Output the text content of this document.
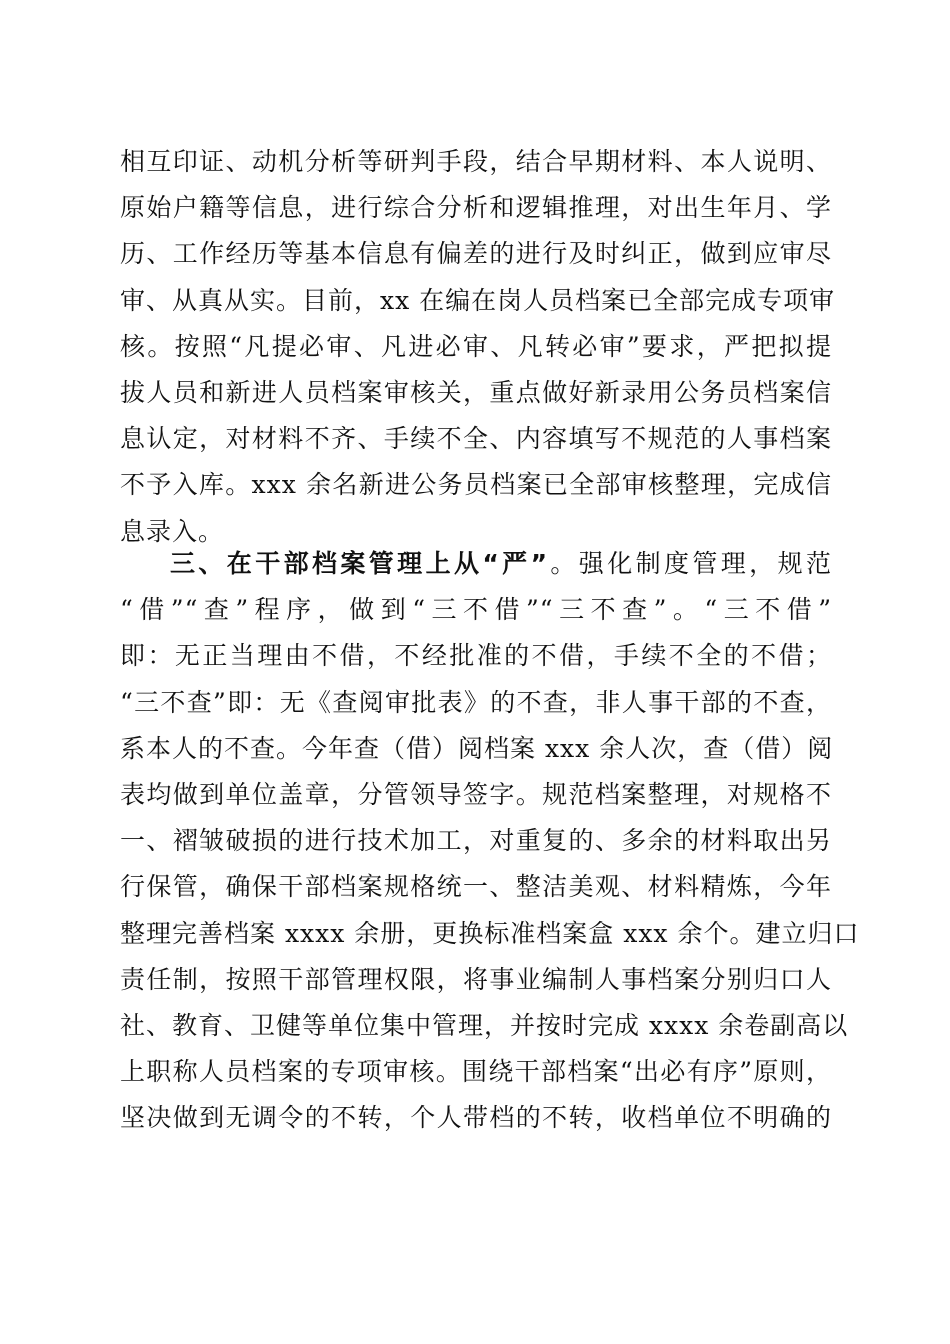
相互印证、动机分析等研判手段，结合早期材料、本人说明、
原始户籍等信息，进行综合分析和逻辑推理，对出生年月、学
历、工作经历等基本信息有偏差的进行及时纠正，做到应审尽
审、从真从实。目前，xx 在编在岗人员档案已全部完成专项审
核。按照“凡提必审、凡进必审、凡转必审”要求，严把拟提
拔人员和新进人员档案审核关，重点做好新录用公务员档案信
息认定，对材料不齐、手续不全、内容填写不规范的人事档案
不予入库。xxx 余名新进公务员档案已全部审核整理，完成信
息录入。
三、在干部档案管理上从“严”。强化制度管理，规范
“借”“查”程序，做到“三不借”“三不查”。“三不借”
即：无正当理由不借，不经批准的不借，手续不全的不借；
“三不查”即：无《查阅审批表》的不查，非人事干部的不查，
系本人的不查。今年查（借）阅档案 xxx 余人次，查（借）阅
表均做到单位盖章，分管领导签字。规范档案整理，对规格不
一、褶皱破损的进行技术加工，对重复的、多余的材料取出另
行保管，确保干部档案规格统一、整洁美观、材料精炼，今年
整理完善档案 xxxx 余册，更换标准档案盒 xxx 余个。建立归口
责任制，按照干部管理权限，将事业编制人事档案分别归口人
社、教育、卫健等单位集中管理，并按时完成 xxxx 余卷副高以
上职称人员档案的专项审核。围绕干部档案“出必有序”原则，
坚决做到无调令的不转，个人带档的不转，收档单位不明确的
